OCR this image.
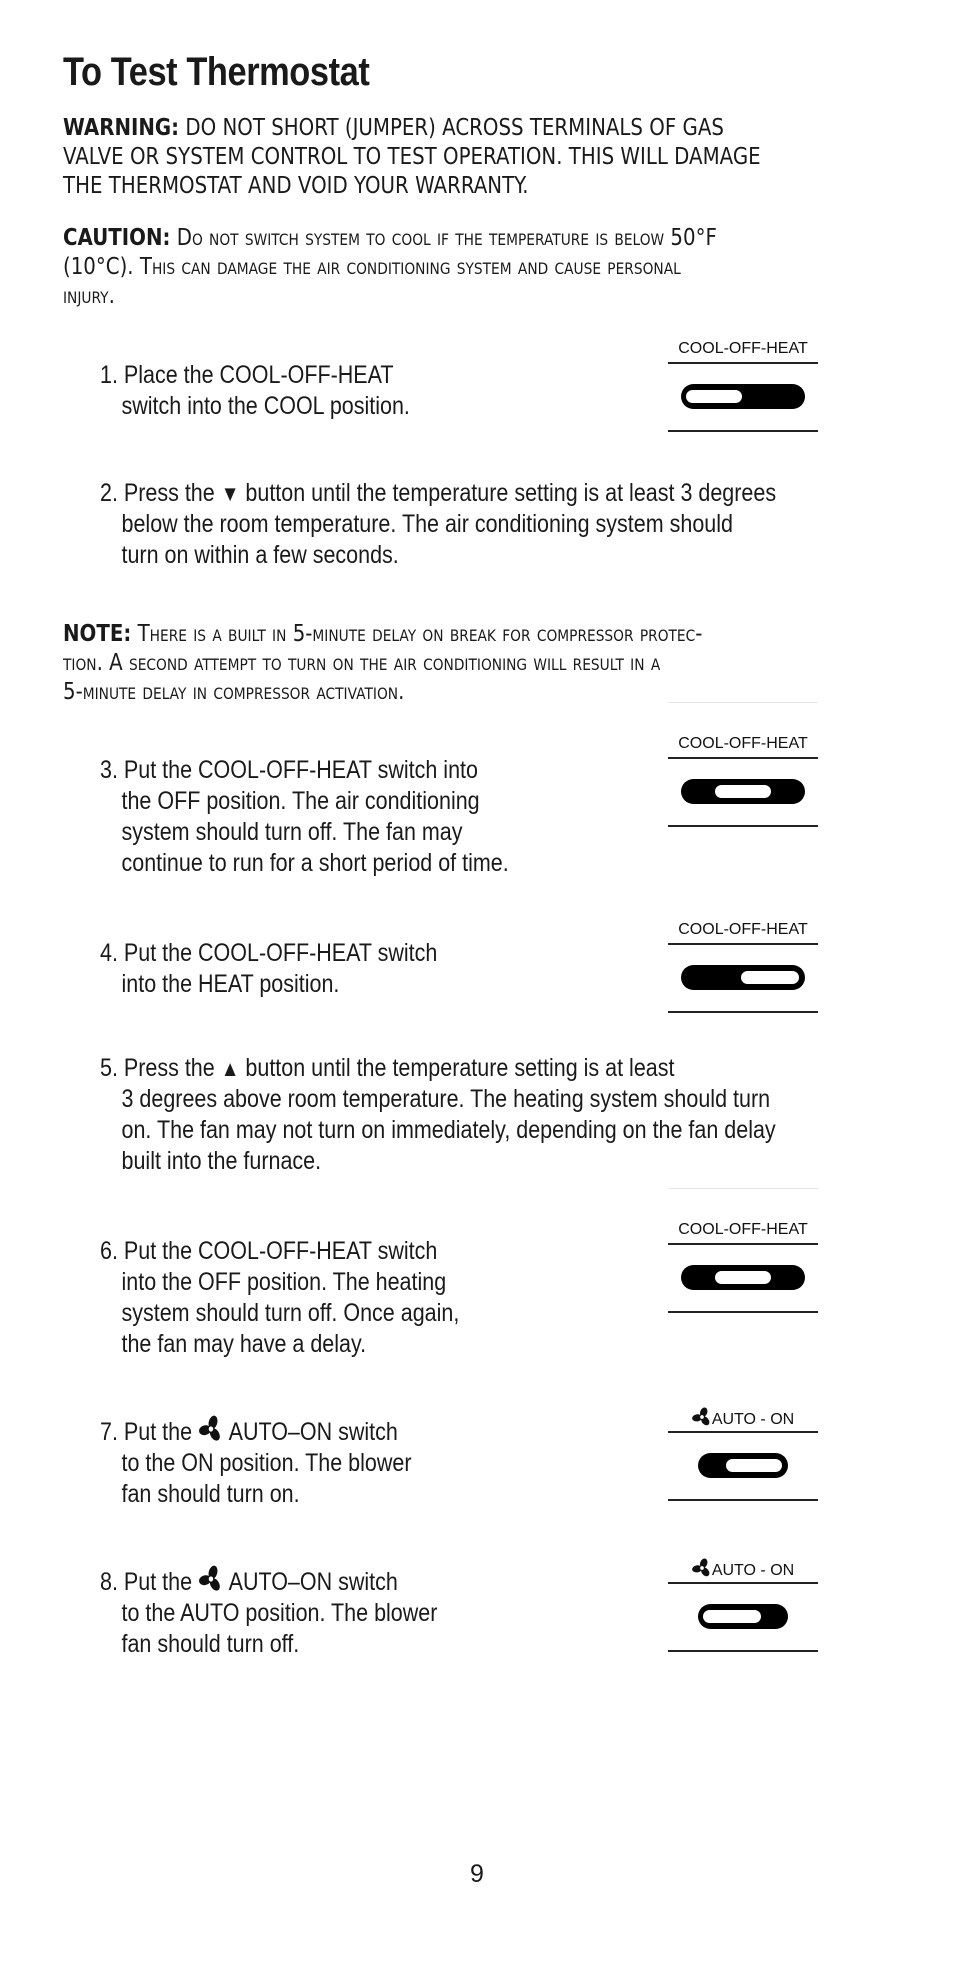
To Test Thermostat
WARNING: DO NOT SHORT (JUMPER) ACROSS TERMINALS OF GAS
VALVE OR SYSTEM CONTROL TO TEST OPERATION. THIS WILL DAMAGE
THE THERMOSTAT AND VOID YOUR WARRANTY.
CAUTION: Do not switch system to cool if the temperature is below 50°F
(10°C). This can damage the air conditioning system and cause personal
injury.
1. Place the COOL-OFF-HEAT
switch into the COOL position.
COOL-OFF-HEAT
2. Press the ▼ button until the temperature setting is at least 3 degrees
below the room temperature. The air conditioning system should
turn on within a few seconds.
NOTE: There is a built in 5-minute delay on break for compressor protec-
tion. A second attempt to turn on the air conditioning will result in a
5-minute delay in compressor activation.
3. Put the COOL-OFF-HEAT switch into
the OFF position. The air conditioning
system should turn off. The fan may
continue to run for a short period of time.
COOL-OFF-HEAT
4. Put the COOL-OFF-HEAT switch
into the HEAT position.
COOL-OFF-HEAT
5. Press the ▲ button until the temperature setting is at least
3 degrees above room temperature. The heating system should turn
on. The fan may not turn on immediately, depending on the fan delay
built into the furnace.
6. Put the COOL-OFF-HEAT switch
into the OFF position. The heating
system should turn off. Once again,
the fan may have a delay.
COOL-OFF-HEAT
7. Put the  AUTO–ON switch
to the ON position. The blower
fan should turn on.
AUTO - ON
8. Put the  AUTO–ON switch
to the AUTO position. The blower
fan should turn off.
AUTO - ON
9
